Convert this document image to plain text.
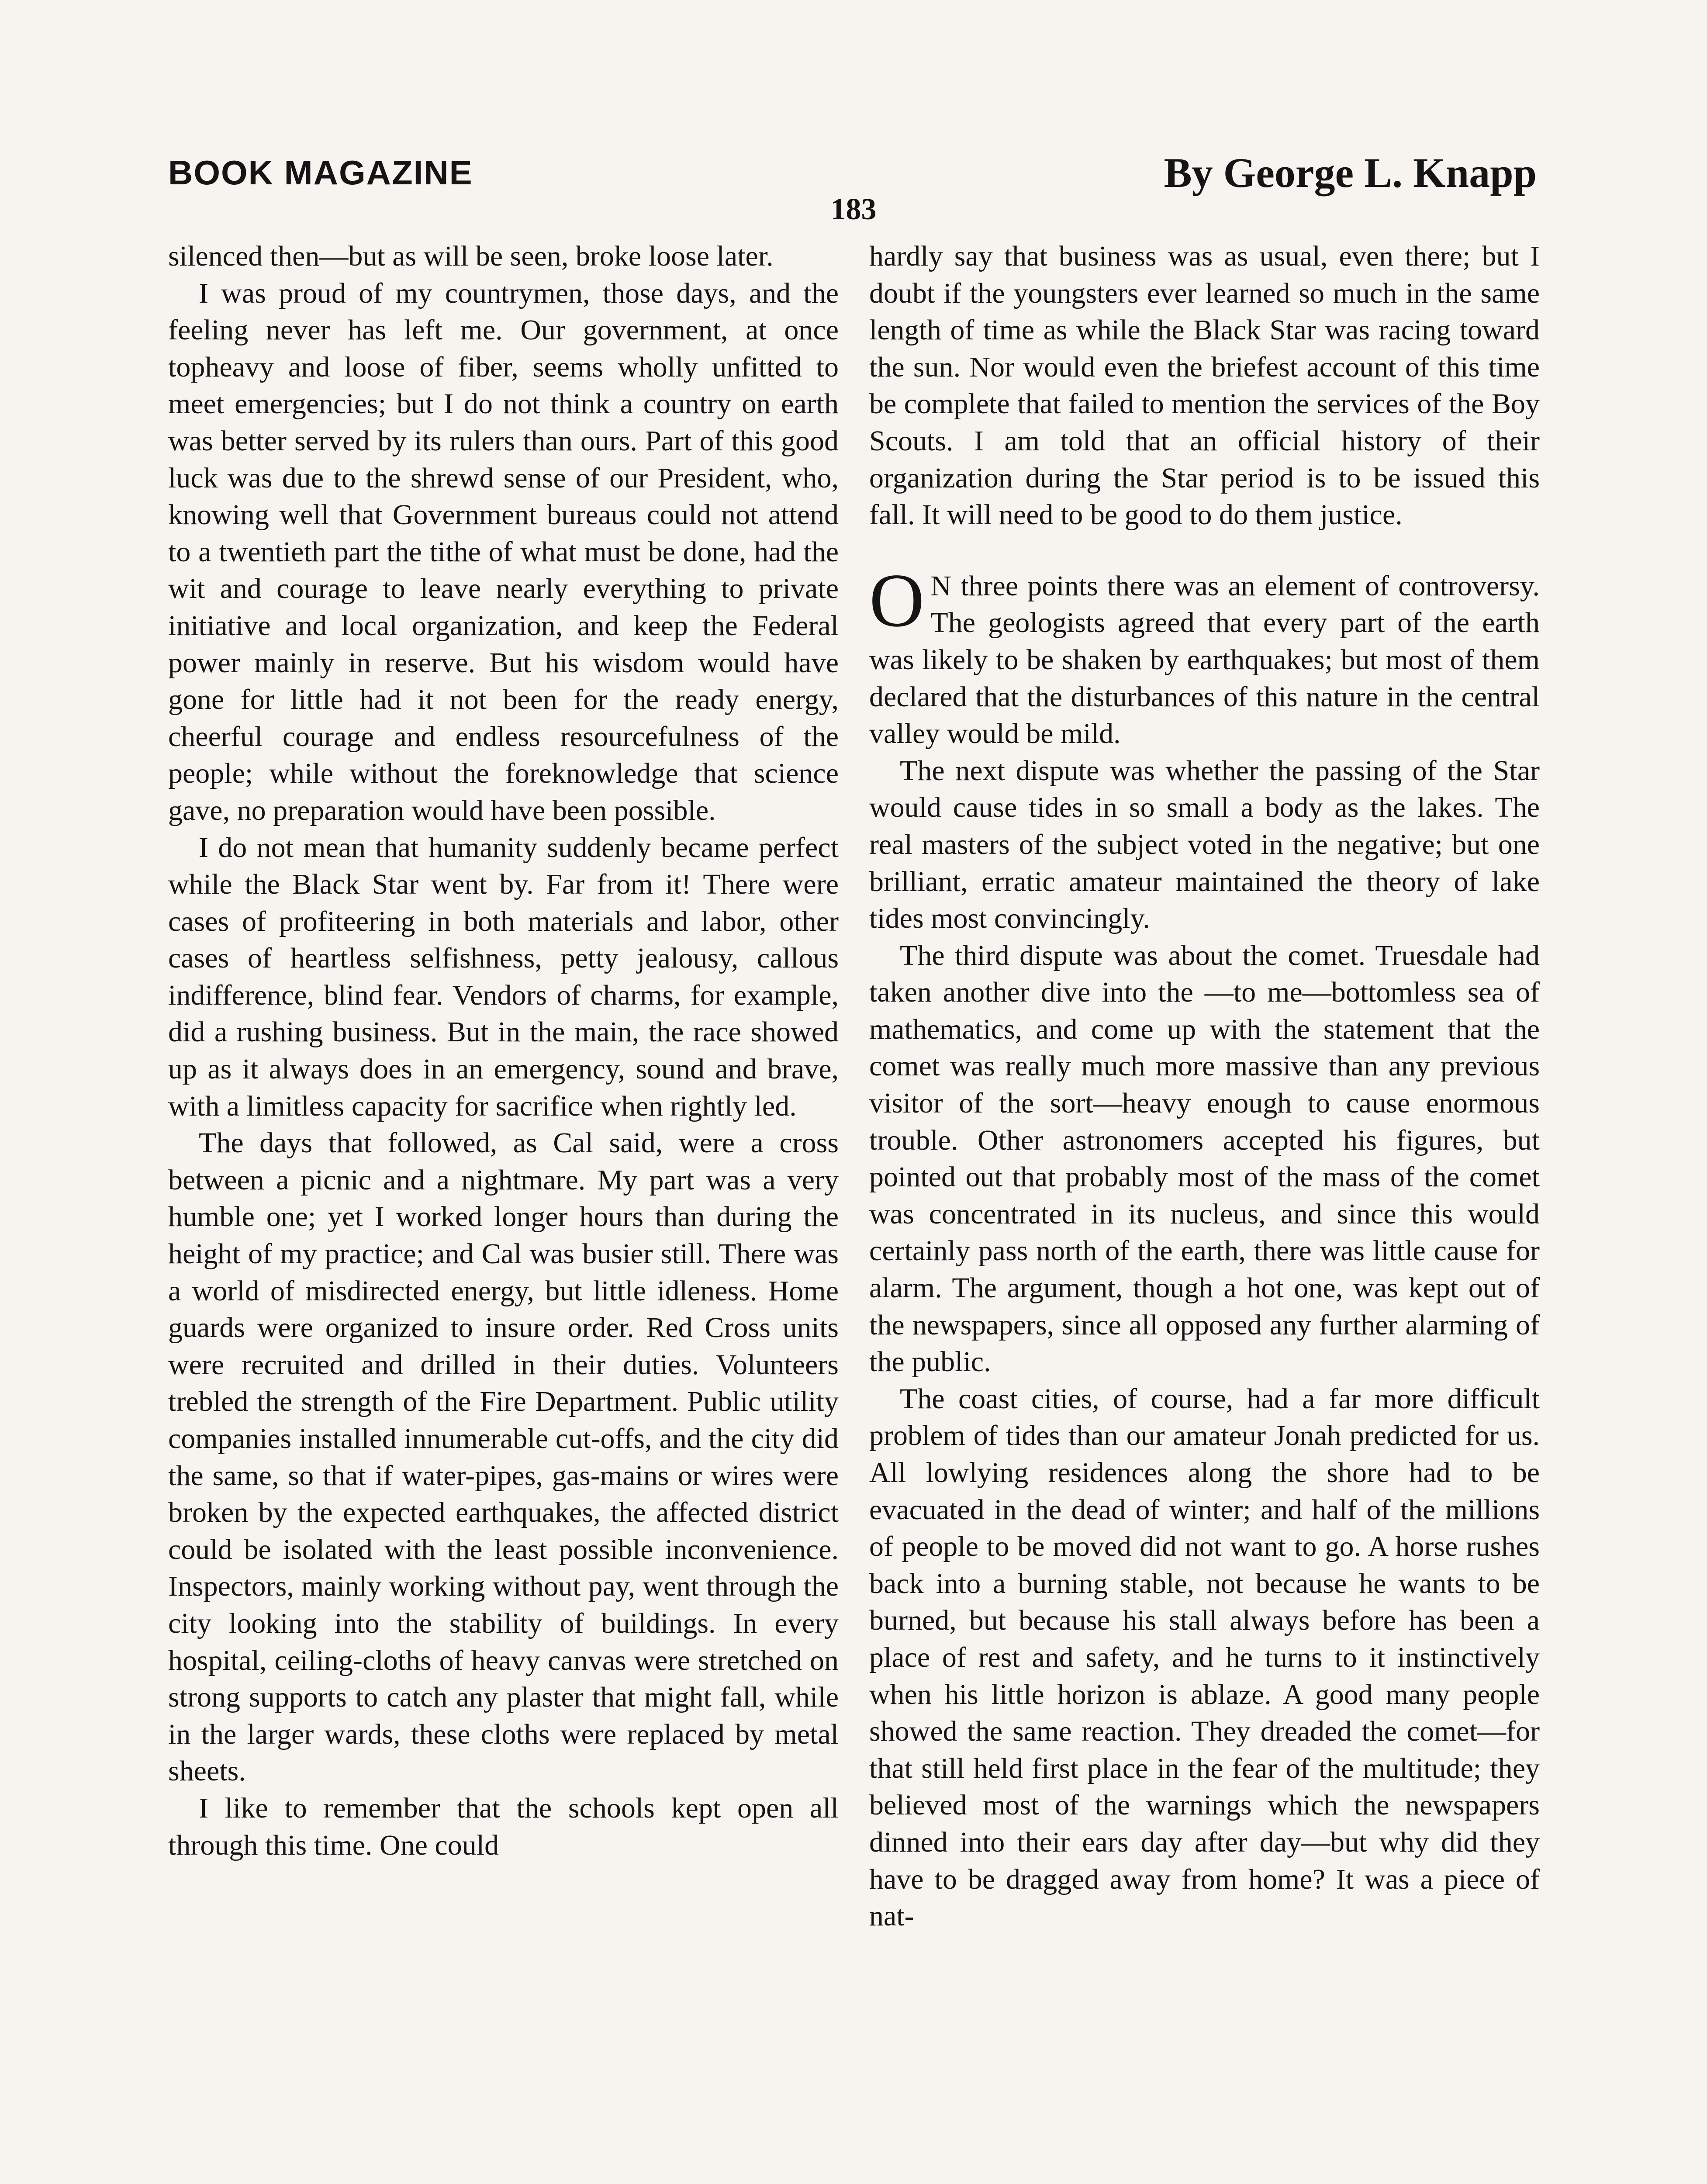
BOOK MAGAZINE	By George L. Knapp
183

silenced then—but as will be seen, broke loose later.

I was proud of my countrymen, those days, and the feeling never has left me. Our government, at once topheavy and loose of fiber, seems wholly unfitted to meet emergencies; but I do not think a country on earth was better served by its rulers than ours. Part of this good luck was due to the shrewd sense of our President, who, knowing well that Government bureaus could not attend to a twentieth part the tithe of what must be done, had the wit and courage to leave nearly everything to private initiative and local organization, and keep the Federal power mainly in reserve. But his wisdom would have gone for little had it not been for the ready energy, cheerful courage and endless resourcefulness of the people; while without the foreknowledge that science gave, no preparation would have been possible.

I do not mean that humanity suddenly became perfect while the Black Star went by. Far from it! There were cases of profiteering in both materials and labor, other cases of heartless selfishness, petty jealousy, callous indifference, blind fear. Vendors of charms, for example, did a rushing business. But in the main, the race showed up as it always does in an emergency, sound and brave, with a limitless capacity for sacrifice when rightly led.

The days that followed, as Cal said, were a cross between a picnic and a nightmare. My part was a very humble one; yet I worked longer hours than during the height of my practice; and Cal was busier still. There was a world of misdirected energy, but little idleness. Home guards were organized to insure order. Red Cross units were recruited and drilled in their duties. Volunteers trebled the strength of the Fire Department. Public utility companies installed innumerable cut-offs, and the city did the same, so that if water-pipes, gas-mains or wires were broken by the expected earthquakes, the affected district could be isolated with the least possible inconvenience. Inspectors, mainly working without pay, went through the city looking into the stability of buildings. In every hospital, ceiling-cloths of heavy canvas were stretched on strong supports to catch any plaster that might fall, while in the larger wards, these cloths were replaced by metal sheets.

I like to remember that the schools kept open all through this time. One could

hardly say that business was as usual, even there; but I doubt if the youngsters ever learned so much in the same length of time as while the Black Star was racing toward the sun. Nor would even the briefest account of this time be complete that failed to mention the services of the Boy Scouts. I am told that an official history of their organization during the Star period is to be issued this fall. It will need to be good to do them justice.

O N three points there was an element of controversy. The geologists agreed that every part of the earth was likely to be shaken by earthquakes; but most of them declared that the disturbances of this nature in the central valley would be mild.

The next dispute was whether the passing of the Star would cause tides in so small a body as the lakes. The real masters of the subject voted in the negative; but one brilliant, erratic amateur maintained the theory of lake tides most convincingly.

The third dispute was about the comet. Truesdale had taken another dive into the —to me—bottomless sea of mathematics, and come up with the statement that the comet was really much more massive than any previous visitor of the sort—heavy enough to cause enormous trouble. Other astronomers accepted his figures, but pointed out that probably most of the mass of the comet was concentrated in its nucleus, and since this would certainly pass north of the earth, there was little cause for alarm. The argument, though a hot one, was kept out of the newspapers, since all opposed any further alarming of the public.

The coast cities, of course, had a far more difficult problem of tides than our amateur Jonah predicted for us. All lowlying residences along the shore had to be evacuated in the dead of winter; and half of the millions of people to be moved did not want to go. A horse rushes back into a burning stable, not because he wants to be burned, but because his stall always before has been a place of rest and safety, and he turns to it instinctively when his little horizon is ablaze. A good many people showed the same reaction. They dreaded the comet—for that still held first place in the fear of the multitude; they believed most of the warnings which the newspapers dinned into their ears day after day—but why did they have to be dragged away from home? It was a piece of nat-
